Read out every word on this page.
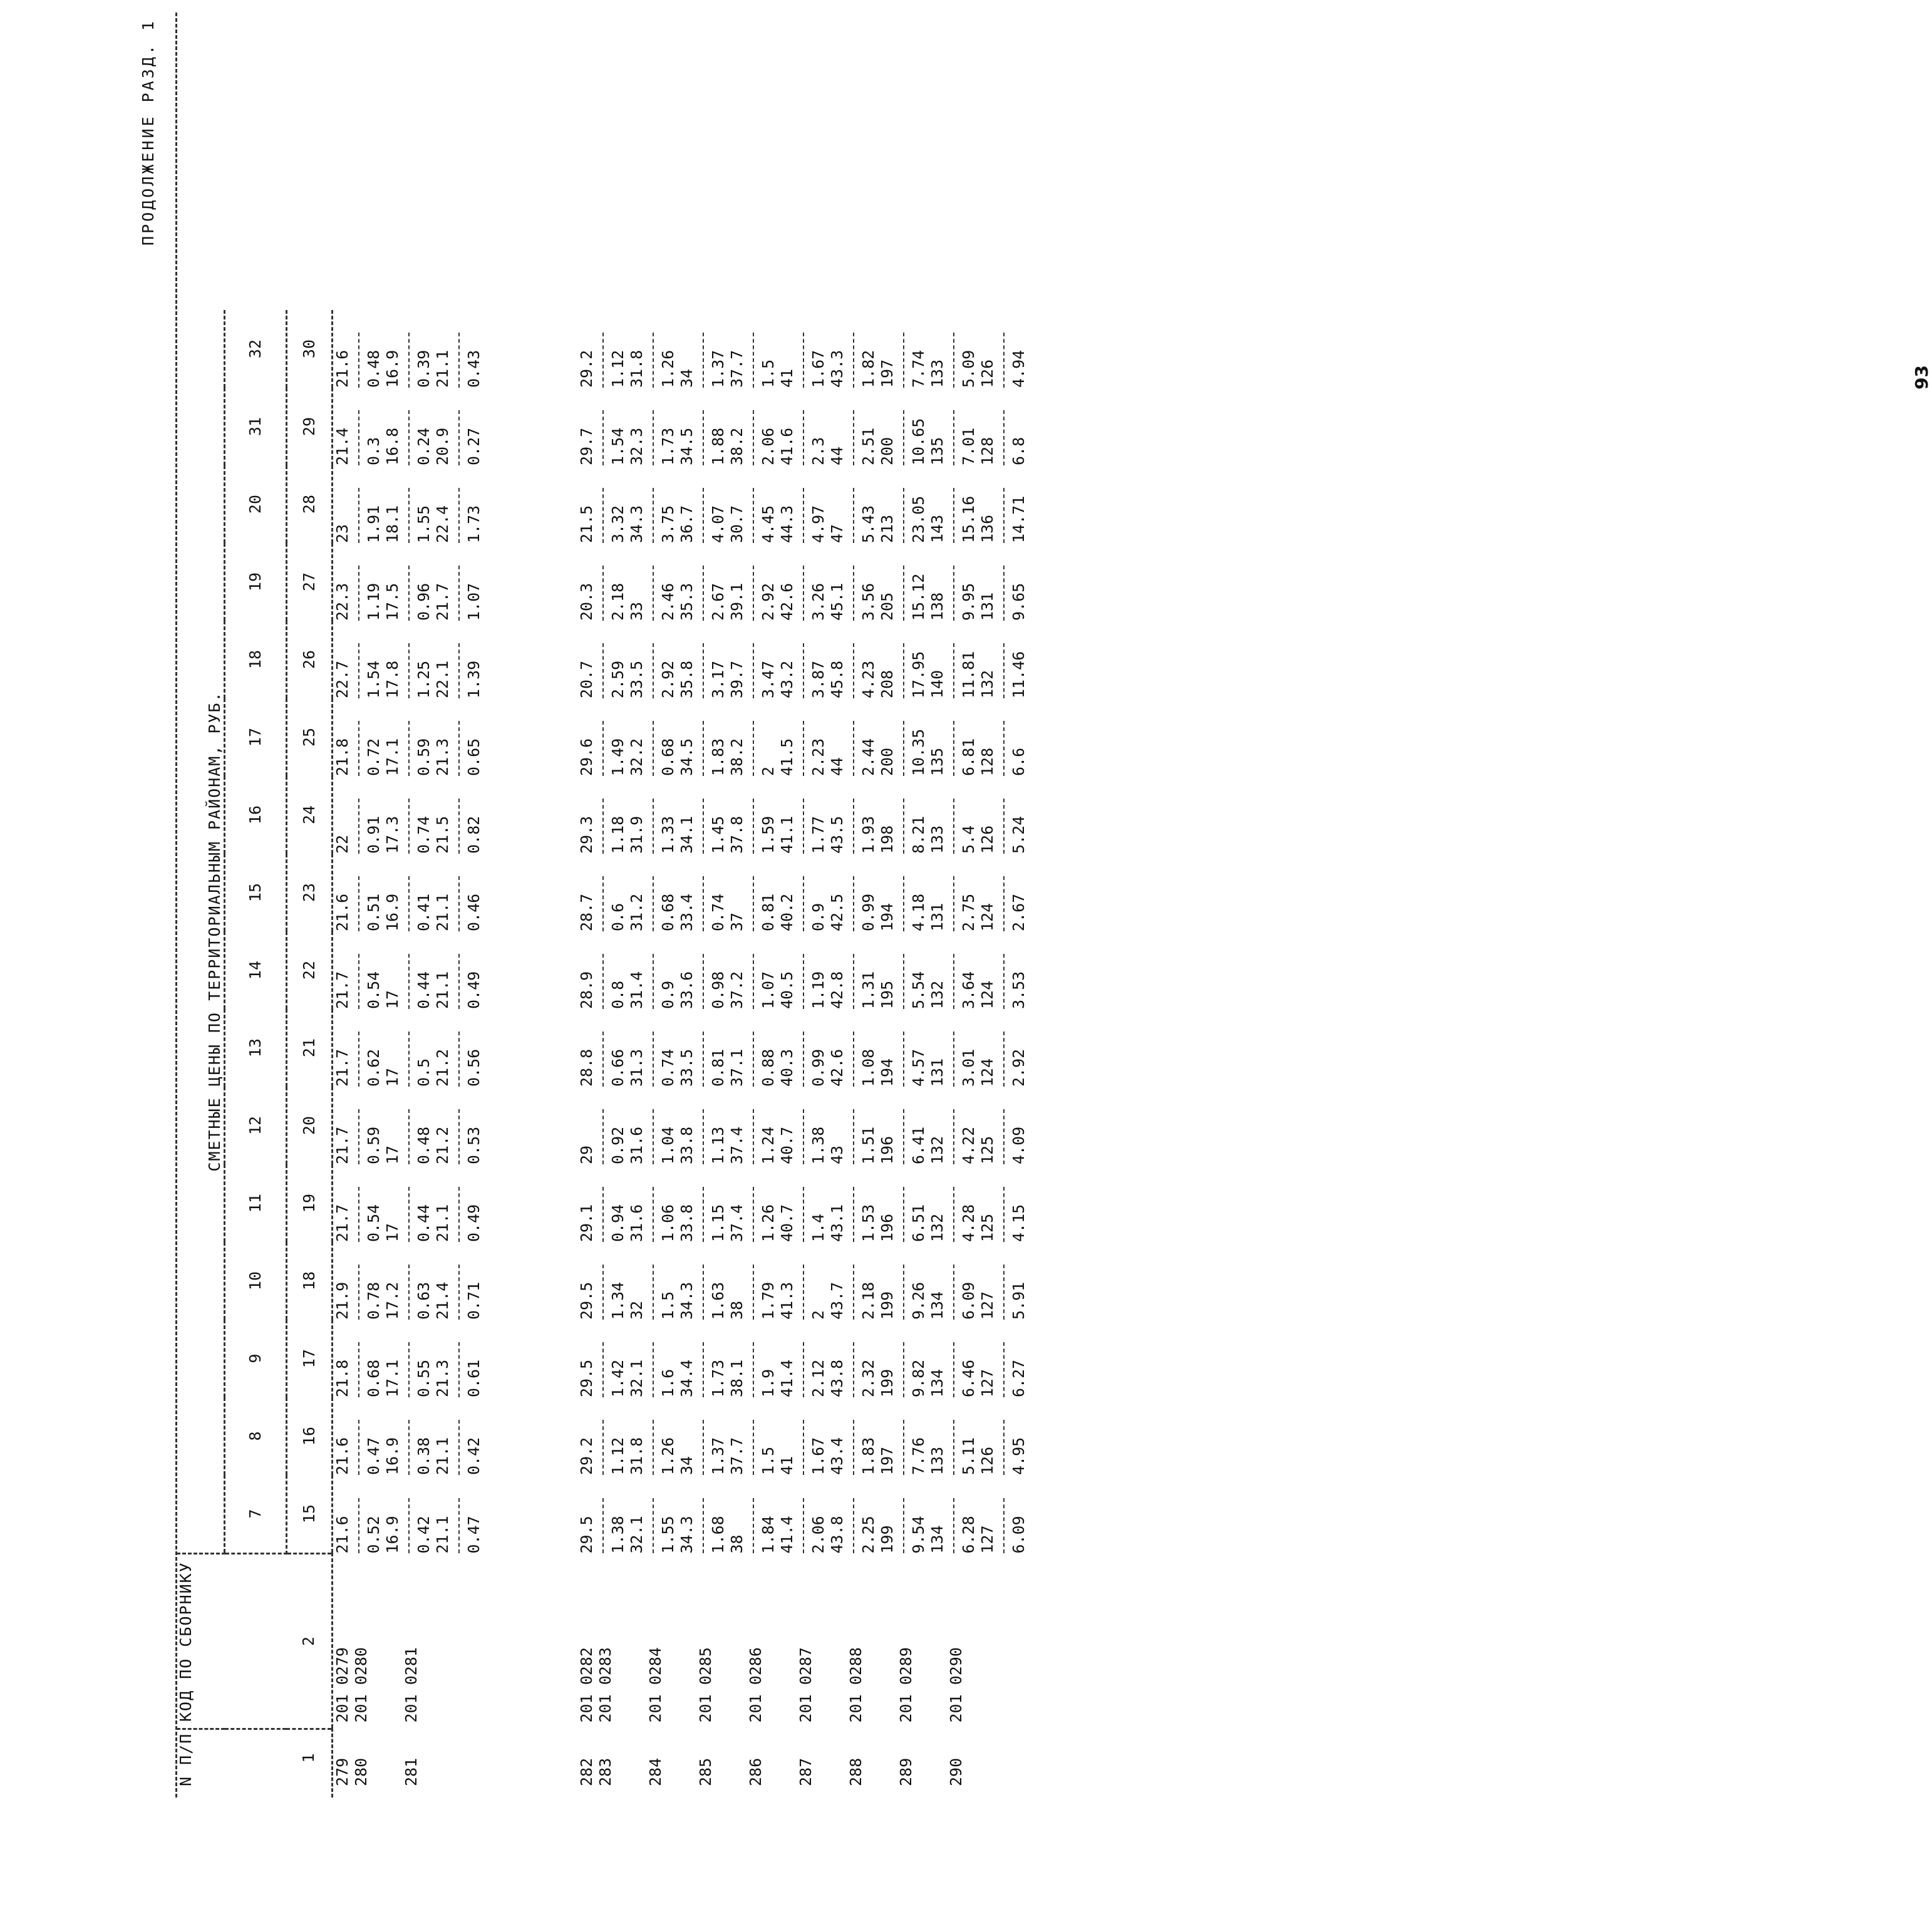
ПРОДОЛЖЕНИЕ РАЗД. 1
N П/П	КОД ПО СБОРНИКУ	СМЕТНЫЕ ЦЕНЫ ПО ТЕРРИТОРИАЛЬНЫМ РАЙОНАМ, РУБ.															
		7	8	9	10	11	12	13	14	15	16	17	18	19	20	31	32
1	2	15	16	17	18	19	20	21	22	23	24	25	26	27	28	29	30
279	201 0279	21.6	21.6	21.8	21.9	21.7	21.7	21.7	21.7	21.6	22	21.8	22.7	22.3	23	21.4	21.6

280	201 0280	0.52 16.9	0.47 16.9	0.68 17.1	0.78 17.2	0.54 17	0.59 17	0.62 17	0.54 17	0.51 16.9	0.91 17.3	0.72 17.1	1.54 17.8	1.19 17.5	1.91 18.1	0.3 16.8	0.48 16.9

281	201 0281	0.42 21.1 0.47	0.38 21.1 0.42	0.55 21.3 0.61	0.63 21.4 0.71	0.44 21.1 0.49	0.48 21.2 0.53	0.5 21.2 0.56	0.44 21.1 0.49	0.41 21.1 0.46	0.74 21.5 0.82	0.59 21.3 0.65	1.25 22.1 1.39	0.96 21.7 1.07	1.55 22.4 1.73	0.24 20.9 0.27	0.39 21.1 0.43

282	201 0282	29.5	29.2	29.5	29.5	29.1	29	28.8	28.9	28.7	29.3	29.6	20.7	20.3	21.5	29.7	29.2

283	201 0283	1.38 32.1	1.12 31.8	1.42 32.1	1.34 32	0.94 31.6	0.92 31.6	0.66 31.3	0.8 31.4	0.6 31.2	1.18 31.9	1.49 32.2	2.59 33.5	2.18 33	3.32 34.3	1.54 32.3	1.12 31.8

284	201 0284	1.55 34.3	1.26 34	1.6 34.4	1.5 34.3	1.06 33.8	1.04 33.8	0.74 33.5	0.9 33.6	0.68 33.4	1.33 34.1	0.68 34.5	2.92 35.8	2.46 35.3	3.75 36.7	1.73 34.5	1.26 34

285	201 0285	1.68 38	1.37 37.7	1.73 38.1	1.63 38	1.15 37.4	1.13 37.4	0.81 37.1	0.98 37.2	0.74 37	1.45 37.8	1.83 38.2	3.17 39.7	2.67 39.1	4.07 30.7	1.88 38.2	1.37 37.7

286	201 0286	1.84 41.4	1.5 41	1.9 41.4	1.79 41.3	1.26 40.7	1.24 40.7	0.88 40.3	1.07 40.5	0.81 40.2	1.59 41.1	2 41.5	3.47 43.2	2.92 42.6	4.45 44.3	2.06 41.6	1.5 41

287	201 0287	2.06 43.8	1.67 43.4	2.12 43.8	2 43.7	1.4 43.1	1.38 43	0.99 42.6	1.19 42.8	0.9 42.5	1.77 43.5	2.23 44	3.87 45.8	3.26 45.1	4.97 47	2.3 44	1.67 43.3

288	201 0288	2.25 199	1.83 197	2.32 199	2.18 199	1.53 196	1.51 196	1.08 194	1.31 195	0.99 194	1.93 198	2.44 200	4.23 208	3.56 205	5.43 213	2.51 200	1.82 197

289	201 0289	9.54 134	7.76 133	9.82 134	9.26 134	6.51 132	6.41 132	4.57 131	5.54 132	4.18 131	8.21 133	10.35 135	17.95 140	15.12 138	23.05 143	10.65 135	7.74 133

290	201 0290	6.28 127 6.09	5.11 126 4.95	6.46 127 6.27	6.09 127 5.91	4.28 125 4.15	4.22 125 4.09	3.01 124 2.92	3.64 124 3.53	2.75 124 2.67	5.4 126 5.24	6.81 128 6.6	11.81 132 11.46	9.95 131 9.65	15.16 136 14.71	7.01 128 6.8	5.09 126 4.94	93
